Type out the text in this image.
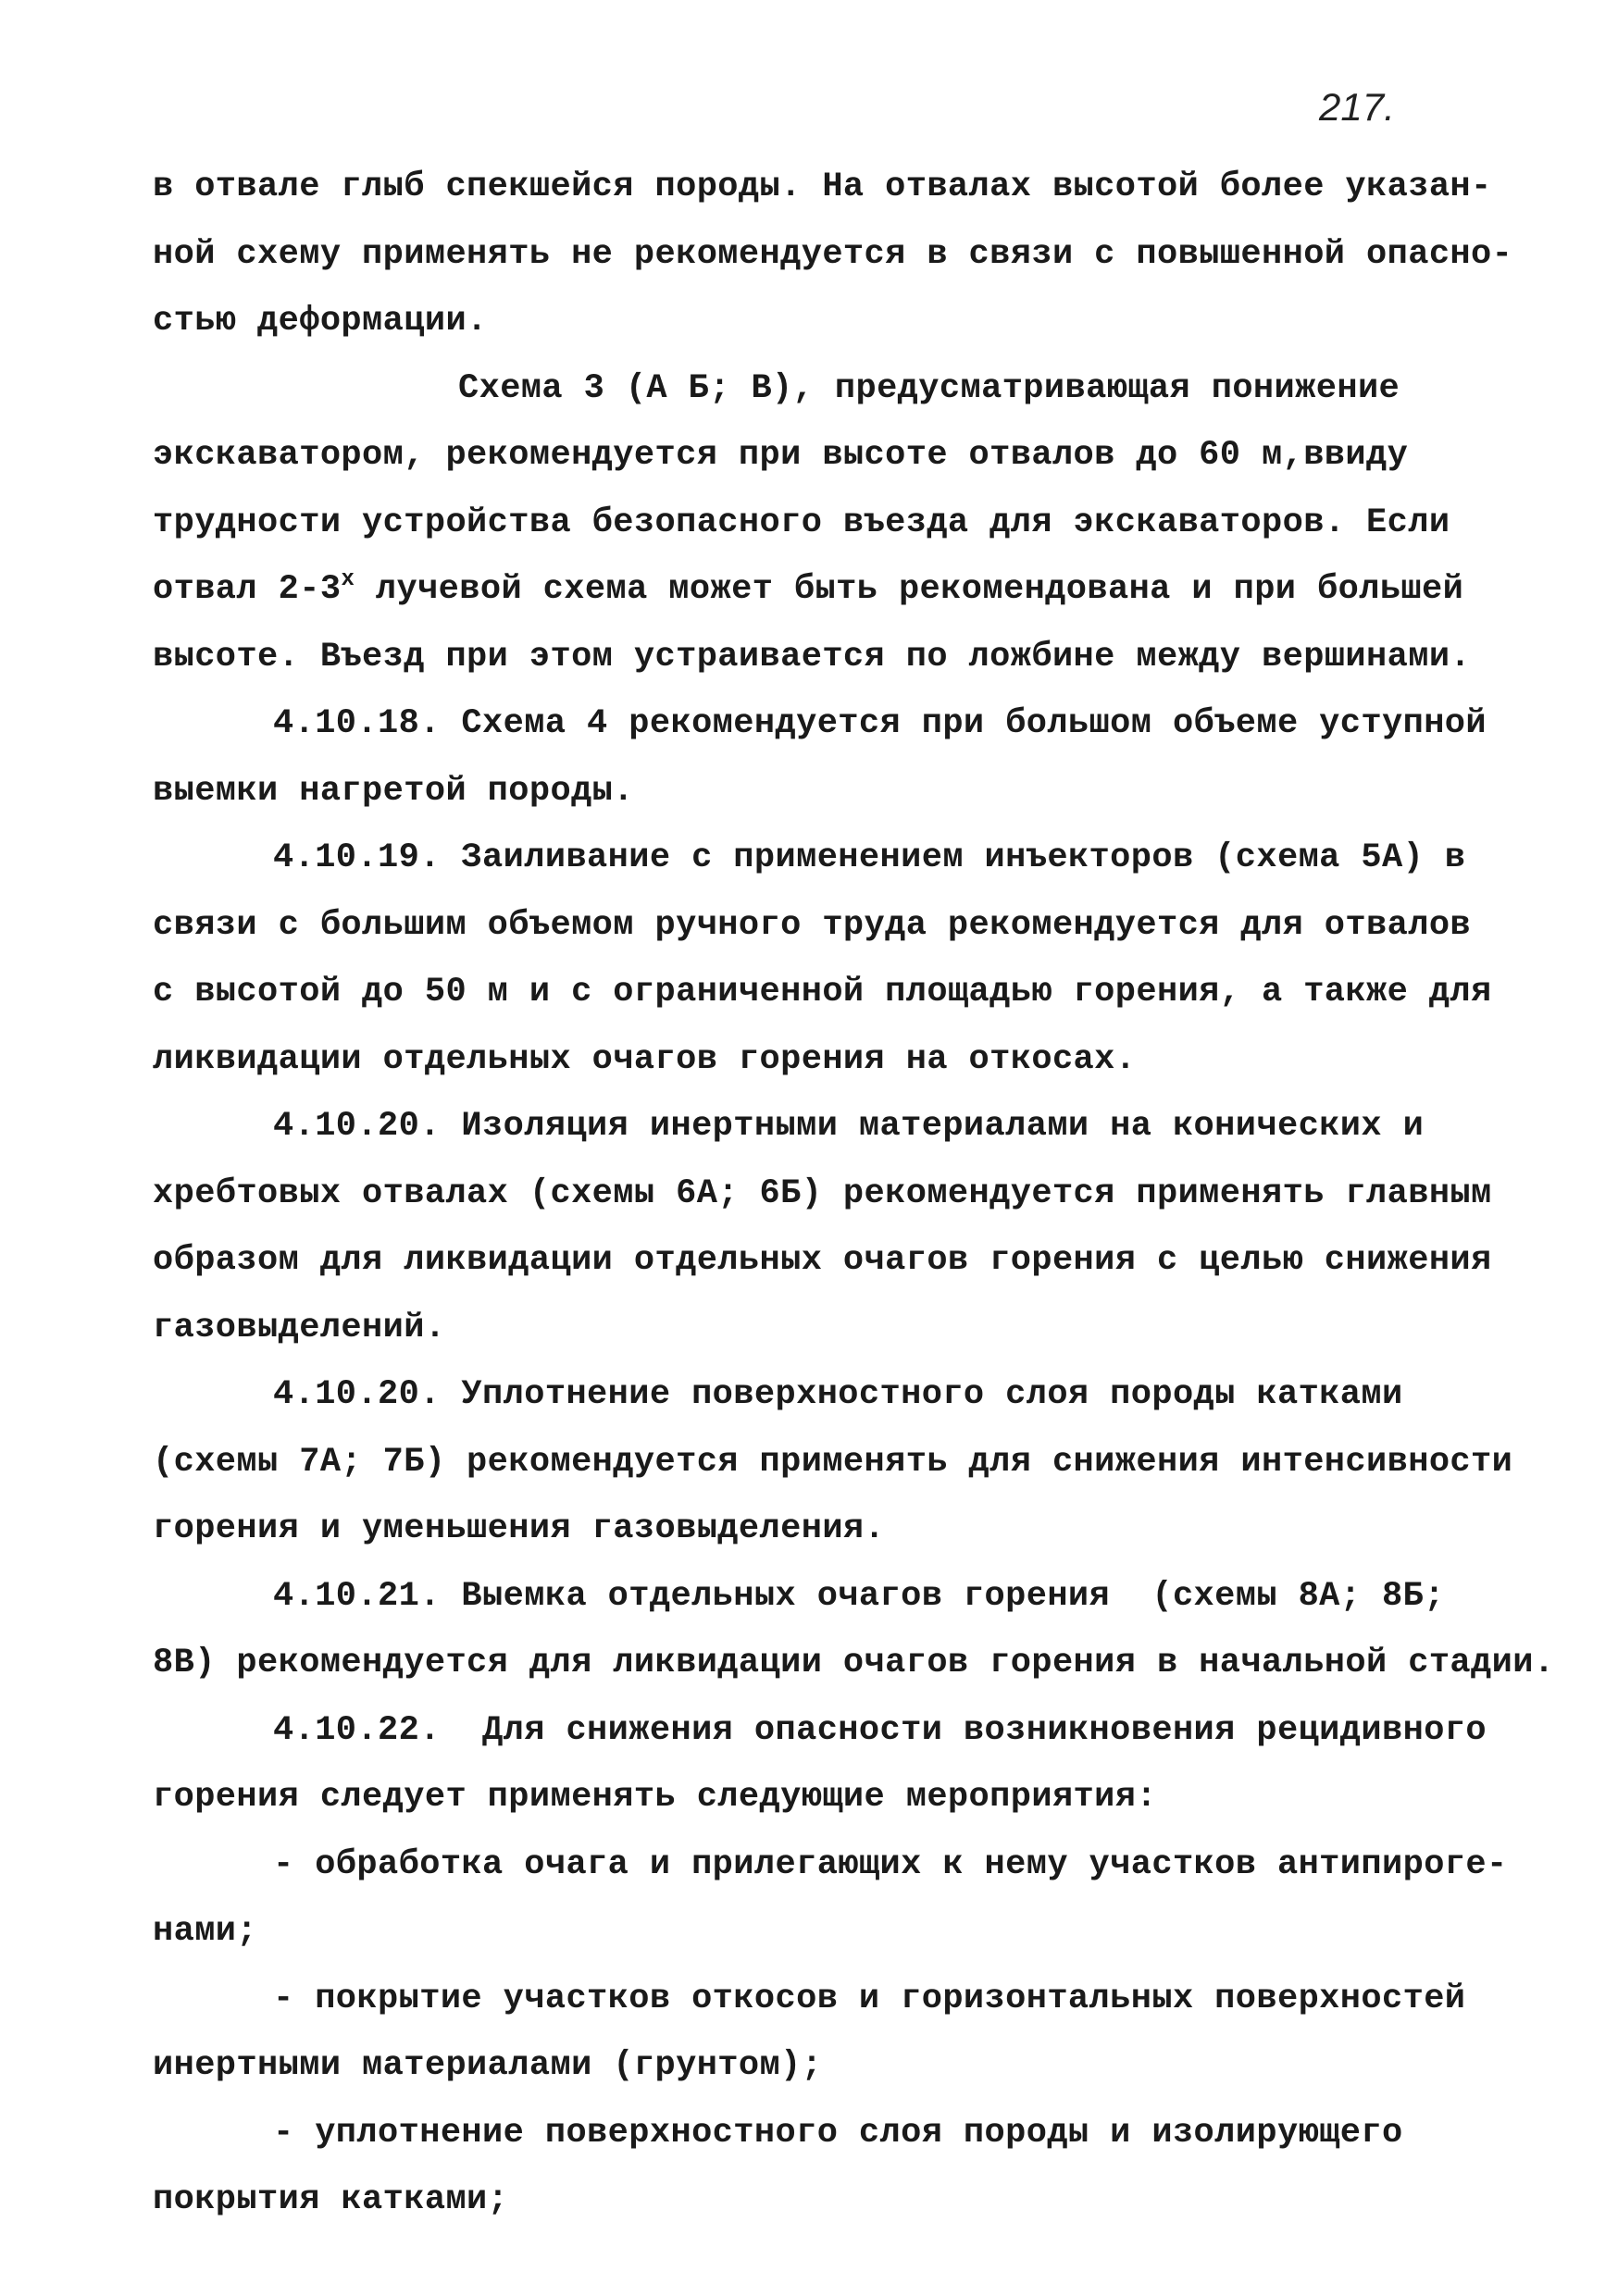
217.
в отвале глыб спекшейся породы. На отвалах высотой более указан-
ной схему применять не рекомендуется в связи с повышенной опасно-
стью деформации.
Схема 3 (А Б; В), предусматривающая понижение
экскаватором, рекомендуется при высоте отвалов до 60 м,ввиду
трудности устройства безопасного въезда для экскаваторов. Если
отвал $2-3^х$ лучевой схема может быть рекомендована и при большей
высоте. Въезд при этом устраивается по ложбине между вершинами.
4.10.18. Схема 4 рекомендуется при большом объеме уступной
выемки нагретой породы.
4.10.19. Заиливание с применением инъекторов (схема 5А) в
связи с большим объемом ручного труда рекомендуется для отвалов
с высотой до 50 м и с ограниченной площадью горения, а также для
ликвидации отдельных очагов горения на откосах.
4.10.20. Изоляция инертными материалами на конических и
хребтовых отвалах (схемы 6А; 6Б) рекомендуется применять главным
образом для ликвидации отдельных очагов горения с целью снижения
газовыделений.
4.10.20. Уплотнение поверхностного слоя породы катками
(схемы 7А; 7Б) рекомендуется применять для снижения интенсивности
горения и уменьшения газовыделения.
4.10.21. Выемка отдельных очагов горения  (схемы 8А; 8Б;
8В) рекомендуется для ликвидации очагов горения в начальной стадии.
4.10.22.  Для снижения опасности возникновения рецидивного
горения следует применять следующие мероприятия:
- обработка очага и прилегающих к нему участков антипироге-
нами;
- покрытие участков откосов и горизонтальных поверхностей
инертными материалами (грунтом);
- уплотнение поверхностного слоя породы и изолирующего
покрытия катками;
